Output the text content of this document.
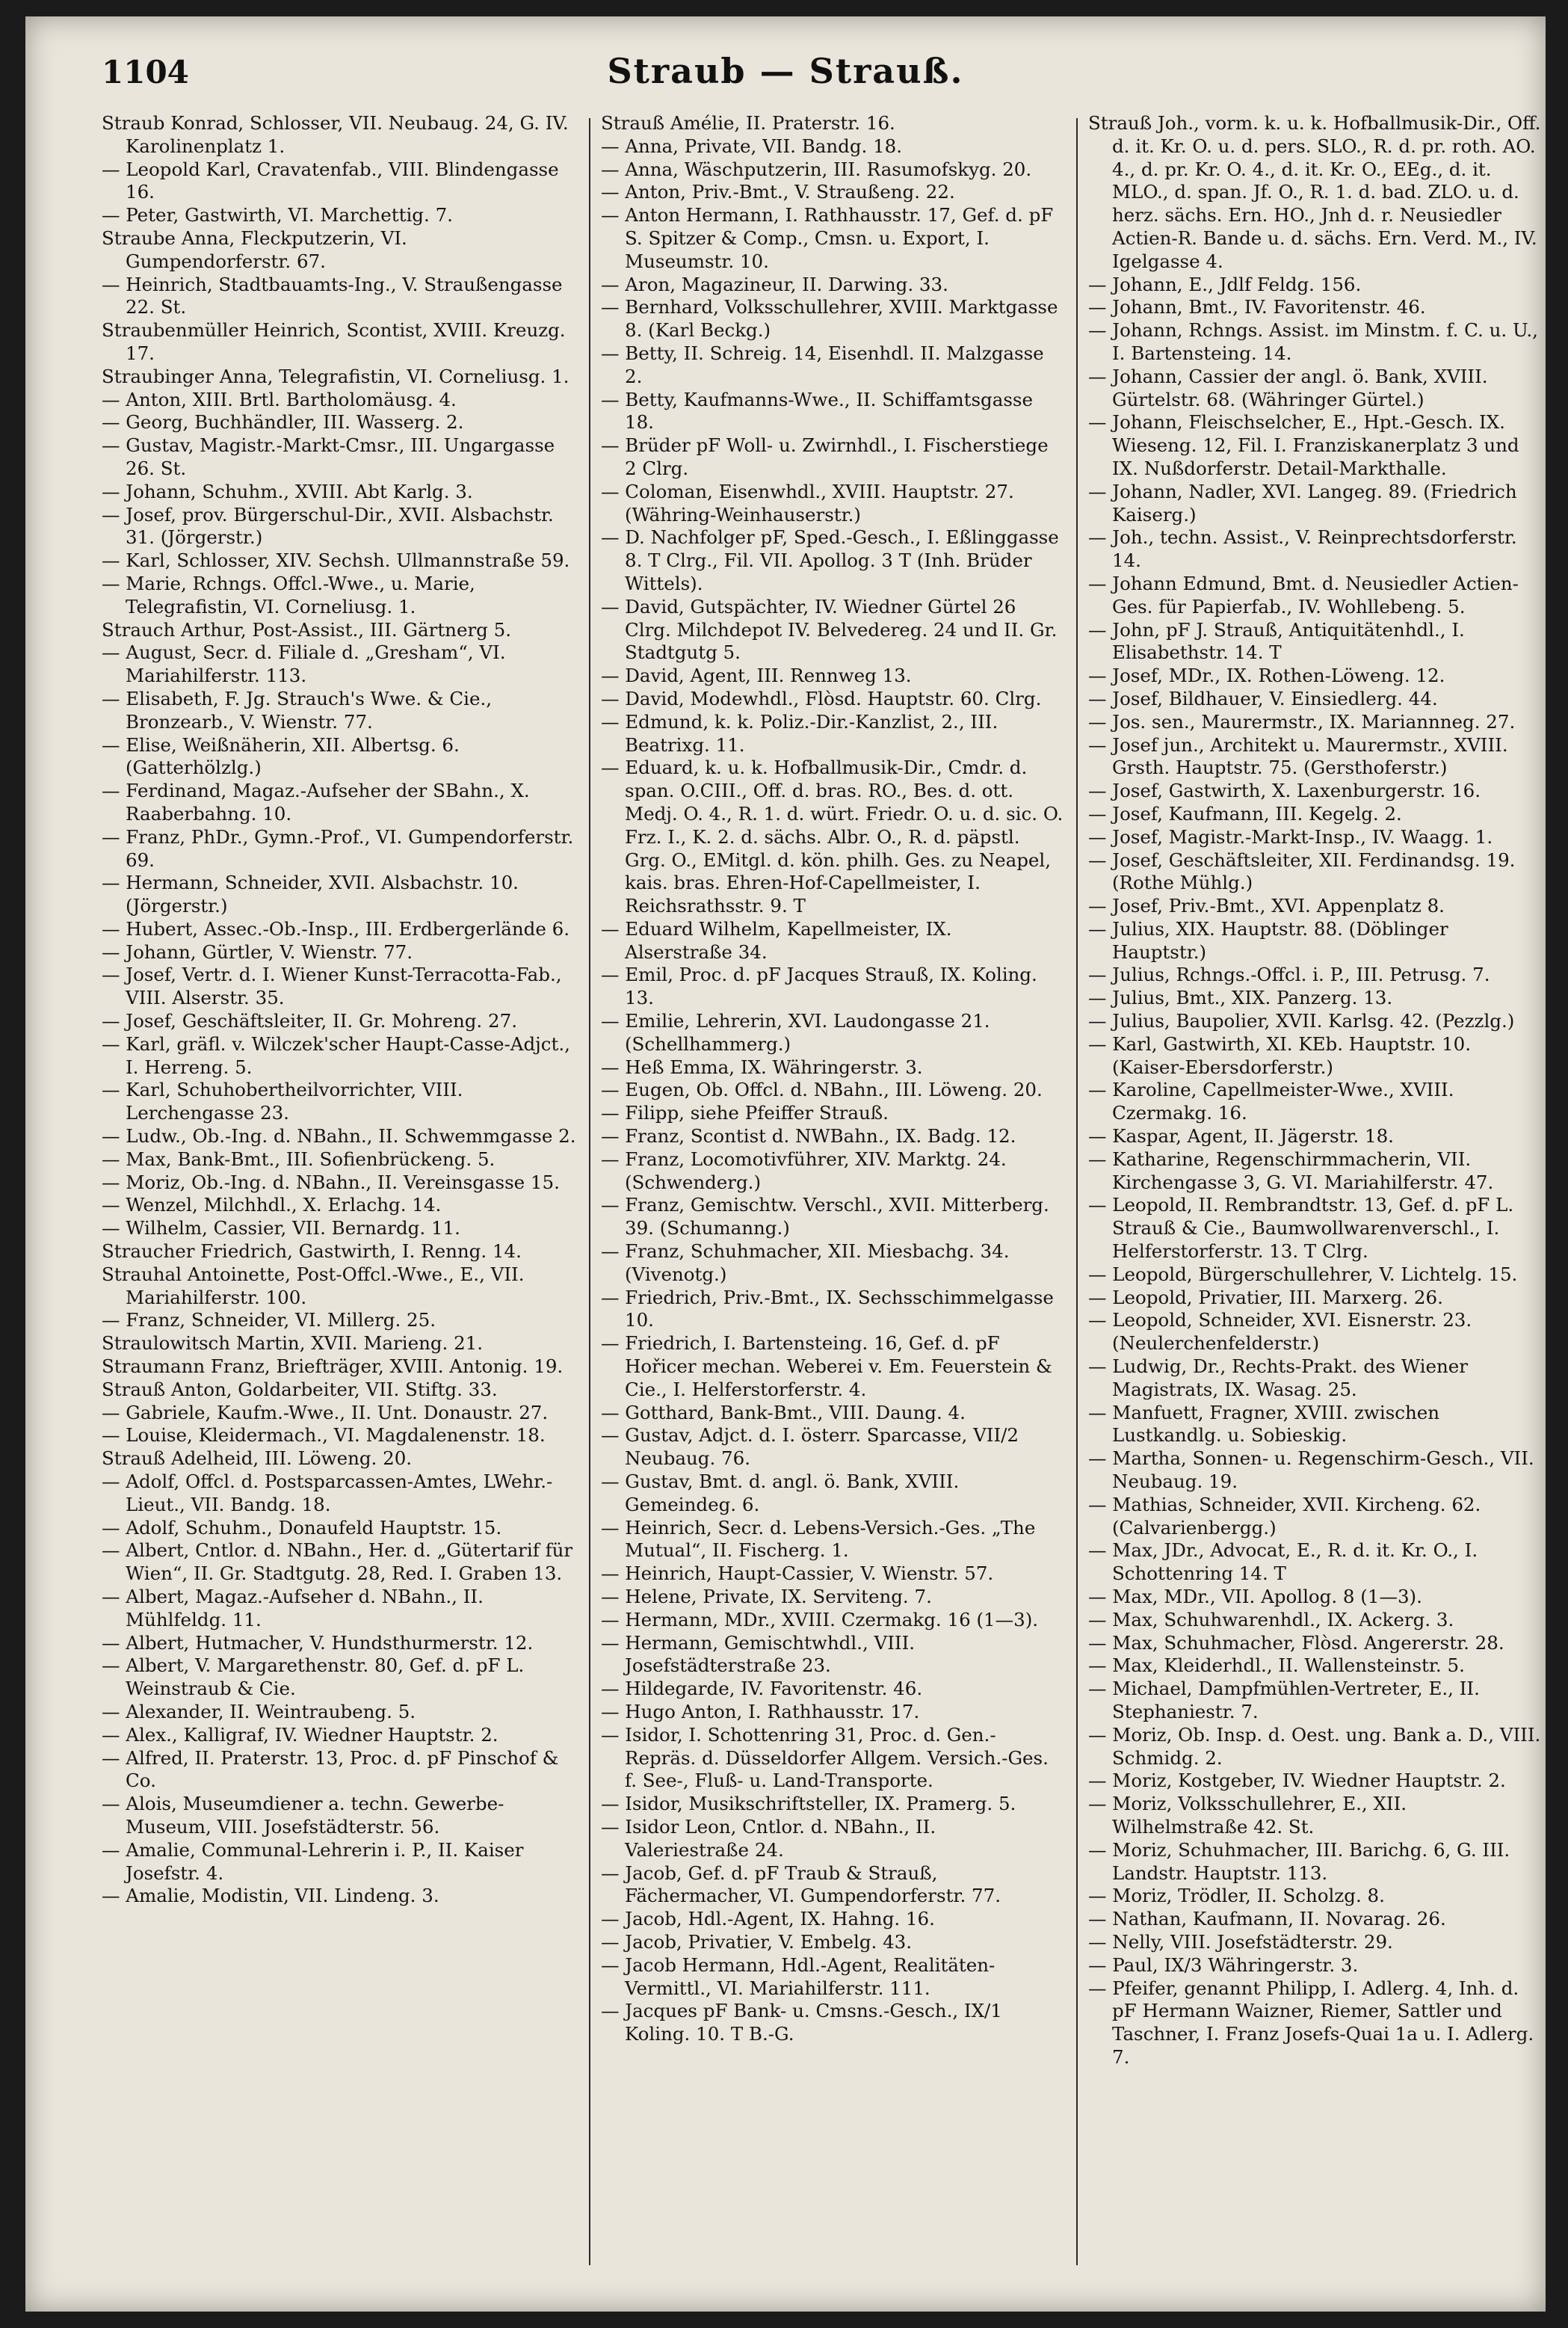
1104	Straub — Strauß.

Straub Konrad, Schlosser, VII. Neubaug. 24, G. IV. Karolinenplatz 1.

— Leopold Karl, Cravatenfab., VIII. Blindengasse 16.

— Peter, Gastwirth, VI. Marchettig. 7.

Straube Anna, Fleckputzerin, VI. Gumpendorferstr. 67.

— Heinrich, Stadtbauamts-Ing., V. Straußengasse 22. St.

Straubenmüller Heinrich, Scontist, XVIII. Kreuzg. 17.

Straubinger Anna, Telegrafistin, VI. Corneliusg. 1.

— Anton, XIII. Brtl. Bartholomäusg. 4.

— Georg, Buchhändler, III. Wasserg. 2.

— Gustav, Magistr.-Markt-Cmsr., III. Ungargasse 26. St.

— Johann, Schuhm., XVIII. Abt Karlg. 3.

— Josef, prov. Bürgerschul-Dir., XVII. Alsbachstr. 31. (Jörgerstr.)

— Karl, Schlosser, XIV. Sechsh. Ullmannstraße 59.

— Marie, Rchngs. Offcl.-Wwe., u. Marie, Telegrafistin, VI. Corneliusg. 1.

Strauch Arthur, Post-Assist., III. Gärtnerg 5.

— August, Secr. d. Filiale d. „Gresham“, VI. Mariahilferstr. 113.

— Elisabeth, F. Jg. Strauch's Wwe. & Cie., Bronzearb., V. Wienstr. 77.

— Elise, Weißnäherin, XII. Albertsg. 6. (Gatterhölzlg.)

— Ferdinand, Magaz.-Aufseher der SBahn., X. Raaberbahng. 10.

— Franz, PhDr., Gymn.-Prof., VI. Gumpendorferstr. 69.

— Hermann, Schneider, XVII. Alsbachstr. 10. (Jörgerstr.)

— Hubert, Assec.-Ob.-Insp., III. Erdbergerlände 6.

— Johann, Gürtler, V. Wienstr. 77.

— Josef, Vertr. d. I. Wiener Kunst-Terracotta-Fab., VIII. Alserstr. 35.

— Josef, Geschäftsleiter, II. Gr. Mohreng. 27.

— Karl, gräfl. v. Wilczek'scher Haupt-Casse-Adjct., I. Herreng. 5.

— Karl, Schuhobertheilvorrichter, VIII. Lerchengasse 23.

— Ludw., Ob.-Ing. d. NBahn., II. Schwemmgasse 2.

— Max, Bank-Bmt., III. Sofienbrückeng. 5.

— Moriz, Ob.-Ing. d. NBahn., II. Vereinsgasse 15.

— Wenzel, Milchhdl., X. Erlachg. 14.

— Wilhelm, Cassier, VII. Bernardg. 11.

Straucher Friedrich, Gastwirth, I. Renng. 14.

Strauhal Antoinette, Post-Offcl.-Wwe., E., VII. Mariahilferstr. 100.

— Franz, Schneider, VI. Millerg. 25.

Straulowitsch Martin, XVII. Marieng. 21.

Straumann Franz, Briefträger, XVIII. Antonig. 19.

Strauß Anton, Goldarbeiter, VII. Stiftg. 33.

— Gabriele, Kaufm.-Wwe., II. Unt. Donaustr. 27.

— Louise, Kleidermach., VI. Magdalenenstr. 18.

Strauß Adelheid, III. Löweng. 20.

— Adolf, Offcl. d. Postsparcassen-Amtes, LWehr.-Lieut., VII. Bandg. 18.

— Adolf, Schuhm., Donaufeld Hauptstr. 15.

— Albert, Cntlor. d. NBahn., Her. d. „Gütertarif für Wien“, II. Gr. Stadtgutg. 28, Red. I. Graben 13.

— Albert, Magaz.-Aufseher d. NBahn., II. Mühlfeldg. 11.

— Albert, Hutmacher, V. Hundsthurmerstr. 12.

— Albert, V. Margarethenstr. 80, Gef. d. pF L. Weinstraub & Cie.

— Alexander, II. Weintraubeng. 5.

— Alex., Kalligraf, IV. Wiedner Hauptstr. 2.

— Alfred, II. Praterstr. 13, Proc. d. pF Pinschof & Co.

— Alois, Museumdiener a. techn. Gewerbe-Museum, VIII. Josefstädterstr. 56.

— Amalie, Communal-Lehrerin i. P., II. Kaiser Josefstr. 4.

— Amalie, Modistin, VII. Lindeng. 3.

Strauß Amélie, II. Praterstr. 16.

— Anna, Private, VII. Bandg. 18.

— Anna, Wäschputzerin, III. Rasumofskyg. 20.

— Anton, Priv.-Bmt., V. Straußeng. 22.

— Anton Hermann, I. Rathhausstr. 17, Gef. d. pF S. Spitzer & Comp., Cmsn. u. Export, I. Museumstr. 10.

— Aron, Magazineur, II. Darwing. 33.

— Bernhard, Volksschullehrer, XVIII. Marktgasse 8. (Karl Beckg.)

— Betty, II. Schreig. 14, Eisenhdl. II. Malzgasse 2.

— Betty, Kaufmanns-Wwe., II. Schiffamtsgasse 18.

— Brüder pF Woll- u. Zwirnhdl., I. Fischerstiege 2 Clrg.

— Coloman, Eisenwhdl., XVIII. Hauptstr. 27. (Währing-Weinhauserstr.)

— D. Nachfolger pF, Sped.-Gesch., I. Eßlinggasse 8. T Clrg., Fil. VII. Apollog. 3 T (Inh. Brüder Wittels).

— David, Gutspächter, IV. Wiedner Gürtel 26 Clrg. Milchdepot IV. Belvedereg. 24 und II. Gr. Stadtgutg 5.

— David, Agent, III. Rennweg 13.

— David, Modewhdl., Flòsd. Hauptstr. 60. Clrg.

— Edmund, k. k. Poliz.-Dir.-Kanzlist, 2., III. Beatrixg. 11.

— Eduard, k. u. k. Hofballmusik-Dir., Cmdr. d. span. O.CIII., Off. d. bras. RO., Bes. d. ott. Medj. O. 4., R. 1. d. würt. Friedr. O. u. d. sic. O. Frz. I., K. 2. d. sächs. Albr. O., R. d. päpstl. Grg. O., EMitgl. d. kön. philh. Ges. zu Neapel, kais. bras. Ehren-Hof-Capellmeister, I. Reichsrathsstr. 9. T

— Eduard Wilhelm, Kapellmeister, IX. Alserstraße 34.

— Emil, Proc. d. pF Jacques Strauß, IX. Koling. 13.

— Emilie, Lehrerin, XVI. Laudongasse 21. (Schellhammerg.)

— Heß Emma, IX. Währingerstr. 3.

— Eugen, Ob. Offcl. d. NBahn., III. Löweng. 20.

— Filipp, siehe Pfeiffer Strauß.

— Franz, Scontist d. NWBahn., IX. Badg. 12.

— Franz, Locomotivführer, XIV. Marktg. 24. (Schwenderg.)

— Franz, Gemischtw. Verschl., XVII. Mitterberg. 39. (Schumanng.)

— Franz, Schuhmacher, XII. Miesbachg. 34. (Vivenotg.)

— Friedrich, Priv.-Bmt., IX. Sechsschimmelgasse 10.

— Friedrich, I. Bartensteing. 16, Gef. d. pF Hořicer mechan. Weberei v. Em. Feuerstein & Cie., I. Helferstorferstr. 4.

— Gotthard, Bank-Bmt., VIII. Daung. 4.

— Gustav, Adjct. d. I. österr. Sparcasse, VII/2 Neubaug. 76.

— Gustav, Bmt. d. angl. ö. Bank, XVIII. Gemeindeg. 6.

— Heinrich, Secr. d. Lebens-Versich.-Ges. „The Mutual“, II. Fischerg. 1.

— Heinrich, Haupt-Cassier, V. Wienstr. 57.

— Helene, Private, IX. Serviteng. 7.

— Hermann, MDr., XVIII. Czermakg. 16 (1—3).

— Hermann, Gemischtwhdl., VIII. Josefstädterstraße 23.

— Hildegarde, IV. Favoritenstr. 46.

— Hugo Anton, I. Rathhausstr. 17.

— Isidor, I. Schottenring 31, Proc. d. Gen.-Repräs. d. Düsseldorfer Allgem. Versich.-Ges. f. See-, Fluß- u. Land-Transporte.

— Isidor, Musikschriftsteller, IX. Pramerg. 5.

— Isidor Leon, Cntlor. d. NBahn., II. Valeriestraße 24.

— Jacob, Gef. d. pF Traub & Strauß, Fächermacher, VI. Gumpendorferstr. 77.

— Jacob, Hdl.-Agent, IX. Hahng. 16.

— Jacob, Privatier, V. Embelg. 43.

— Jacob Hermann, Hdl.-Agent, Realitäten-Vermittl., VI. Mariahilferstr. 111.

— Jacques pF Bank- u. Cmsns.-Gesch., IX/1 Koling. 10. T B.-G.

Strauß Joh., vorm. k. u. k. Hofballmusik-Dir., Off. d. it. Kr. O. u. d. pers. SLO., R. d. pr. roth. AO. 4., d. pr. Kr. O. 4., d. it. Kr. O., EEg., d. it. MLO., d. span. Jf. O., R. 1. d. bad. ZLO. u. d. herz. sächs. Ern. HO., Jnh d. r. Neusiedler Actien-R. Bande u. d. sächs. Ern. Verd. M., IV. Igelgasse 4.

— Johann, E., Jdlf Feldg. 156.

— Johann, Bmt., IV. Favoritenstr. 46.

— Johann, Rchngs. Assist. im Minstm. f. C. u. U., I. Bartensteing. 14.

— Johann, Cassier der angl. ö. Bank, XVIII. Gürtelstr. 68. (Währinger Gürtel.)

— Johann, Fleischselcher, E., Hpt.-Gesch. IX. Wieseng. 12, Fil. I. Franziskanerplatz 3 und IX. Nußdorferstr. Detail-Markthalle.

— Johann, Nadler, XVI. Langeg. 89. (Friedrich Kaiserg.)

— Joh., techn. Assist., V. Reinprechtsdorferstr. 14.

— Johann Edmund, Bmt. d. Neusiedler Actien-Ges. für Papierfab., IV. Wohllebeng. 5.

— John, pF J. Strauß, Antiquitätenhdl., I. Elisabethstr. 14. T

— Josef, MDr., IX. Rothen-Löweng. 12.

— Josef, Bildhauer, V. Einsiedlerg. 44.

— Jos. sen., Maurermstr., IX. Mariannneg. 27.

— Josef jun., Architekt u. Maurermstr., XVIII. Grsth. Hauptstr. 75. (Gersthoferstr.)

— Josef, Gastwirth, X. Laxenburgerstr. 16.

— Josef, Kaufmann, III. Kegelg. 2.

— Josef, Magistr.-Markt-Insp., IV. Waagg. 1.

— Josef, Geschäftsleiter, XII. Ferdinandsg. 19. (Rothe Mühlg.)

— Josef, Priv.-Bmt., XVI. Appenplatz 8.

— Julius, XIX. Hauptstr. 88. (Döblinger Hauptstr.)

— Julius, Rchngs.-Offcl. i. P., III. Petrusg. 7.

— Julius, Bmt., XIX. Panzerg. 13.

— Julius, Baupolier, XVII. Karlsg. 42. (Pezzlg.)

— Karl, Gastwirth, XI. KEb. Hauptstr. 10. (Kaiser-Ebersdorferstr.)

— Karoline, Capellmeister-Wwe., XVIII. Czermakg. 16.

— Kaspar, Agent, II. Jägerstr. 18.

— Katharine, Regenschirmmacherin, VII. Kirchengasse 3, G. VI. Mariahilferstr. 47.

— Leopold, II. Rembrandtstr. 13, Gef. d. pF L. Strauß & Cie., Baumwollwarenverschl., I. Helferstorferstr. 13. T Clrg.

— Leopold, Bürgerschullehrer, V. Lichtelg. 15.

— Leopold, Privatier, III. Marxerg. 26.

— Leopold, Schneider, XVI. Eisnerstr. 23. (Neulerchenfelderstr.)

— Ludwig, Dr., Rechts-Prakt. des Wiener Magistrats, IX. Wasag. 25.

— Manfuett, Fragner, XVIII. zwischen Lustkandlg. u. Sobieskig.

— Martha, Sonnen- u. Regenschirm-Gesch., VII. Neubaug. 19.

— Mathias, Schneider, XVII. Kircheng. 62. (Calvarienbergg.)

— Max, JDr., Advocat, E., R. d. it. Kr. O., I. Schottenring 14. T

— Max, MDr., VII. Apollog. 8 (1—3).

— Max, Schuhwarenhdl., IX. Ackerg. 3.

— Max, Schuhmacher, Flòsd. Angererstr. 28.

— Max, Kleiderhdl., II. Wallensteinstr. 5.

— Michael, Dampfmühlen-Vertreter, E., II. Stephaniestr. 7.

— Moriz, Ob. Insp. d. Oest. ung. Bank a. D., VIII. Schmidg. 2.

— Moriz, Kostgeber, IV. Wiedner Hauptstr. 2.

— Moriz, Volksschullehrer, E., XII. Wilhelmstraße 42. St.

— Moriz, Schuhmacher, III. Barichg. 6, G. III. Landstr. Hauptstr. 113.

— Moriz, Trödler, II. Scholzg. 8.

— Nathan, Kaufmann, II. Novarag. 26.

— Nelly, VIII. Josefstädterstr. 29.

— Paul, IX/3 Währingerstr. 3.

— Pfeifer, genannt Philipp, I. Adlerg. 4, Inh. d. pF Hermann Waizner, Riemer, Sattler und Taschner, I. Franz Josefs-Quai 1a u. I. Adlerg. 7.
